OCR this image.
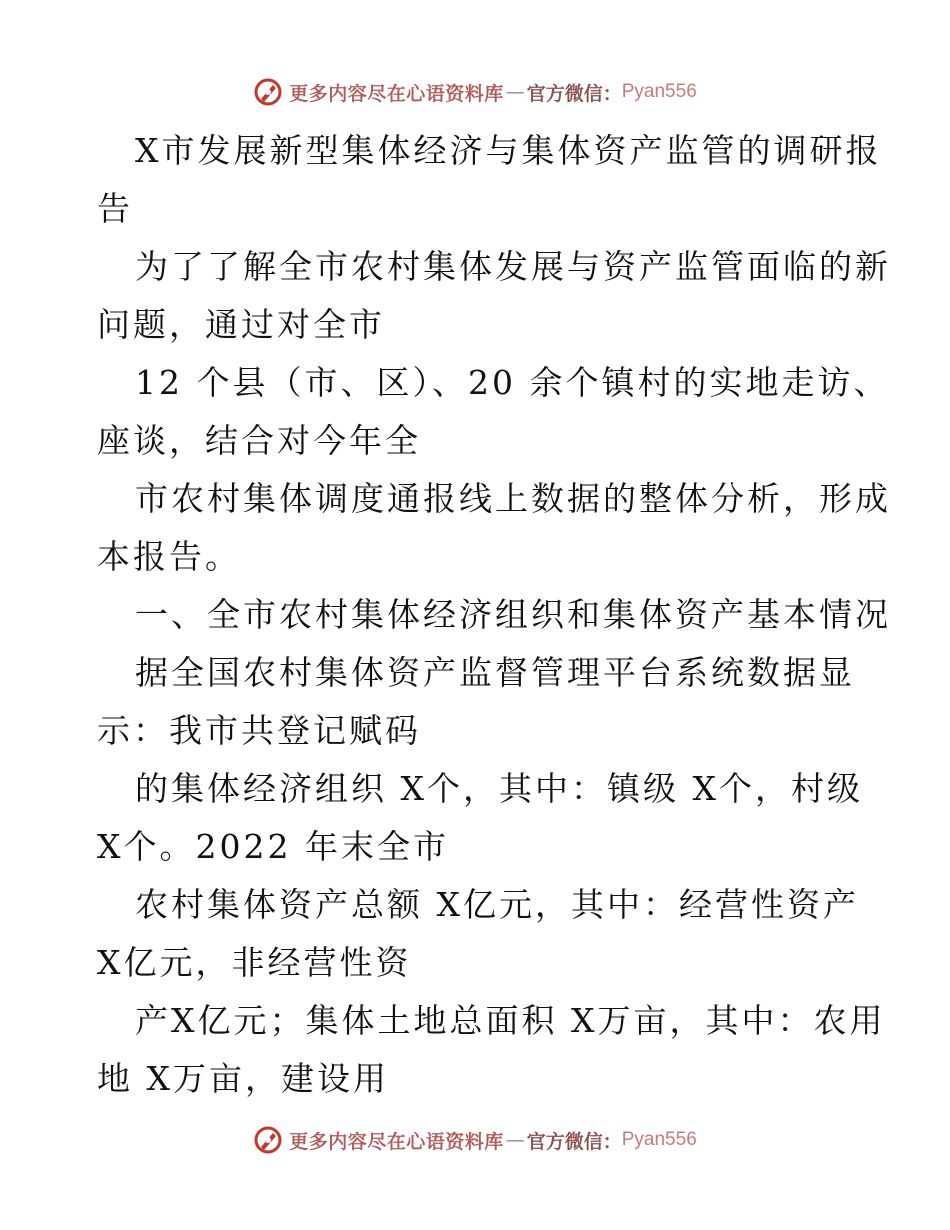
更多内容尽在心语资料库 — 官方微信： Pyan556
X市发展新型集体经济与集体资产监管的调研报
告
为了了解全市农村集体发展与资产监管面临的新
问题，通过对全市
12 个县（市、区）、20 余个镇村的实地走访、
座谈，结合对今年全
市农村集体调度通报线上数据的整体分析，形成
本报告。
一、全市农村集体经济组织和集体资产基本情况
据全国农村集体资产监督管理平台系统数据显
示：我市共登记赋码
的集体经济组织 X个，其中：镇级 X个，村级
X个。2022 年末全市
农村集体资产总额 X亿元，其中：经营性资产
X亿元，非经营性资
产X亿元；集体土地总面积 X万亩，其中：农用
地 X万亩，建设用
更多内容尽在心语资料库 — 官方微信： Pyan556
